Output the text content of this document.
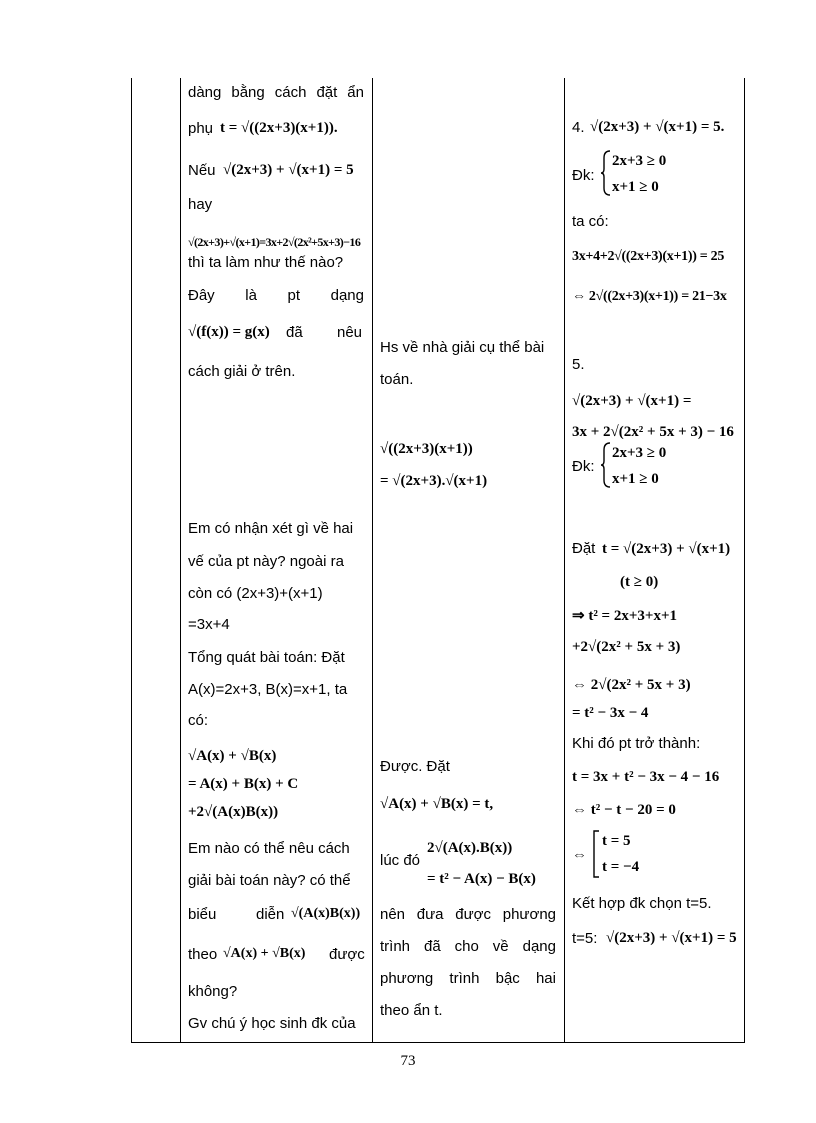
dàng bằng cách đặt ẩn
phụ t = √((2x+3)(x+1)).
Nếu √(2x+3) + √(x+1) = 5
hay
√(2x+3)+√(x+1)=3x+2√(2x²+5x+3)−16
thì ta làm như thế nào?
Đây là pt dạng
√(f(x)) = g(x) đã nêu
cách giải ở trên.
Em có nhận xét gì về hai
vế của pt này? ngoài ra
còn có (2x+3)+(x+1)
=3x+4
Tổng quát bài toán: Đặt
A(x)=2x+3, B(x)=x+1, ta
có:
√A(x) + √B(x)
= A(x) + B(x) + C
+2√(A(x)B(x))
Em nào có thể nêu cách
giải bài toán này? có thể
biểu	diễn √(A(x)B(x))
theo √A(x) + √B(x) được
không?
Gv chú ý học sinh đk của
Hs về nhà giải cụ thể bài
toán.
√((2x+3)(x+1))
= √(2x+3).√(x+1)
Được. Đặt
√A(x) + √B(x) = t,
lúc đó
2√(A(x).B(x))
= t² − A(x) − B(x)
nên đưa được phương
trình đã cho về dạng
phương trình bậc hai
theo ẩn t.
4. √(2x+3) + √(x+1) = 5.
Đk:
2x+3 ≥ 0
x+1 ≥ 0
ta có:
3x+4+2√((2x+3)(x+1)) = 25
⇔ 2√((2x+3)(x+1)) = 21−3x
5.
√(2x+3) + √(x+1) =
3x + 2√(2x² + 5x + 3) − 16
Đk:
2x+3 ≥ 0
x+1 ≥ 0
Đặt t = √(2x+3) + √(x+1)
(t ≥ 0)
⇒ t² = 2x+3+x+1
+2√(2x² + 5x + 3)
⇔ 2√(2x² + 5x + 3)
= t² − 3x − 4
Khi đó pt trở thành:
t = 3x + t² − 3x − 4 − 16
⇔ t² − t − 20 = 0
⇔
t = 5
t = −4
Kết hợp đk chọn t=5.
t=5: √(2x+3) + √(x+1) = 5
73
